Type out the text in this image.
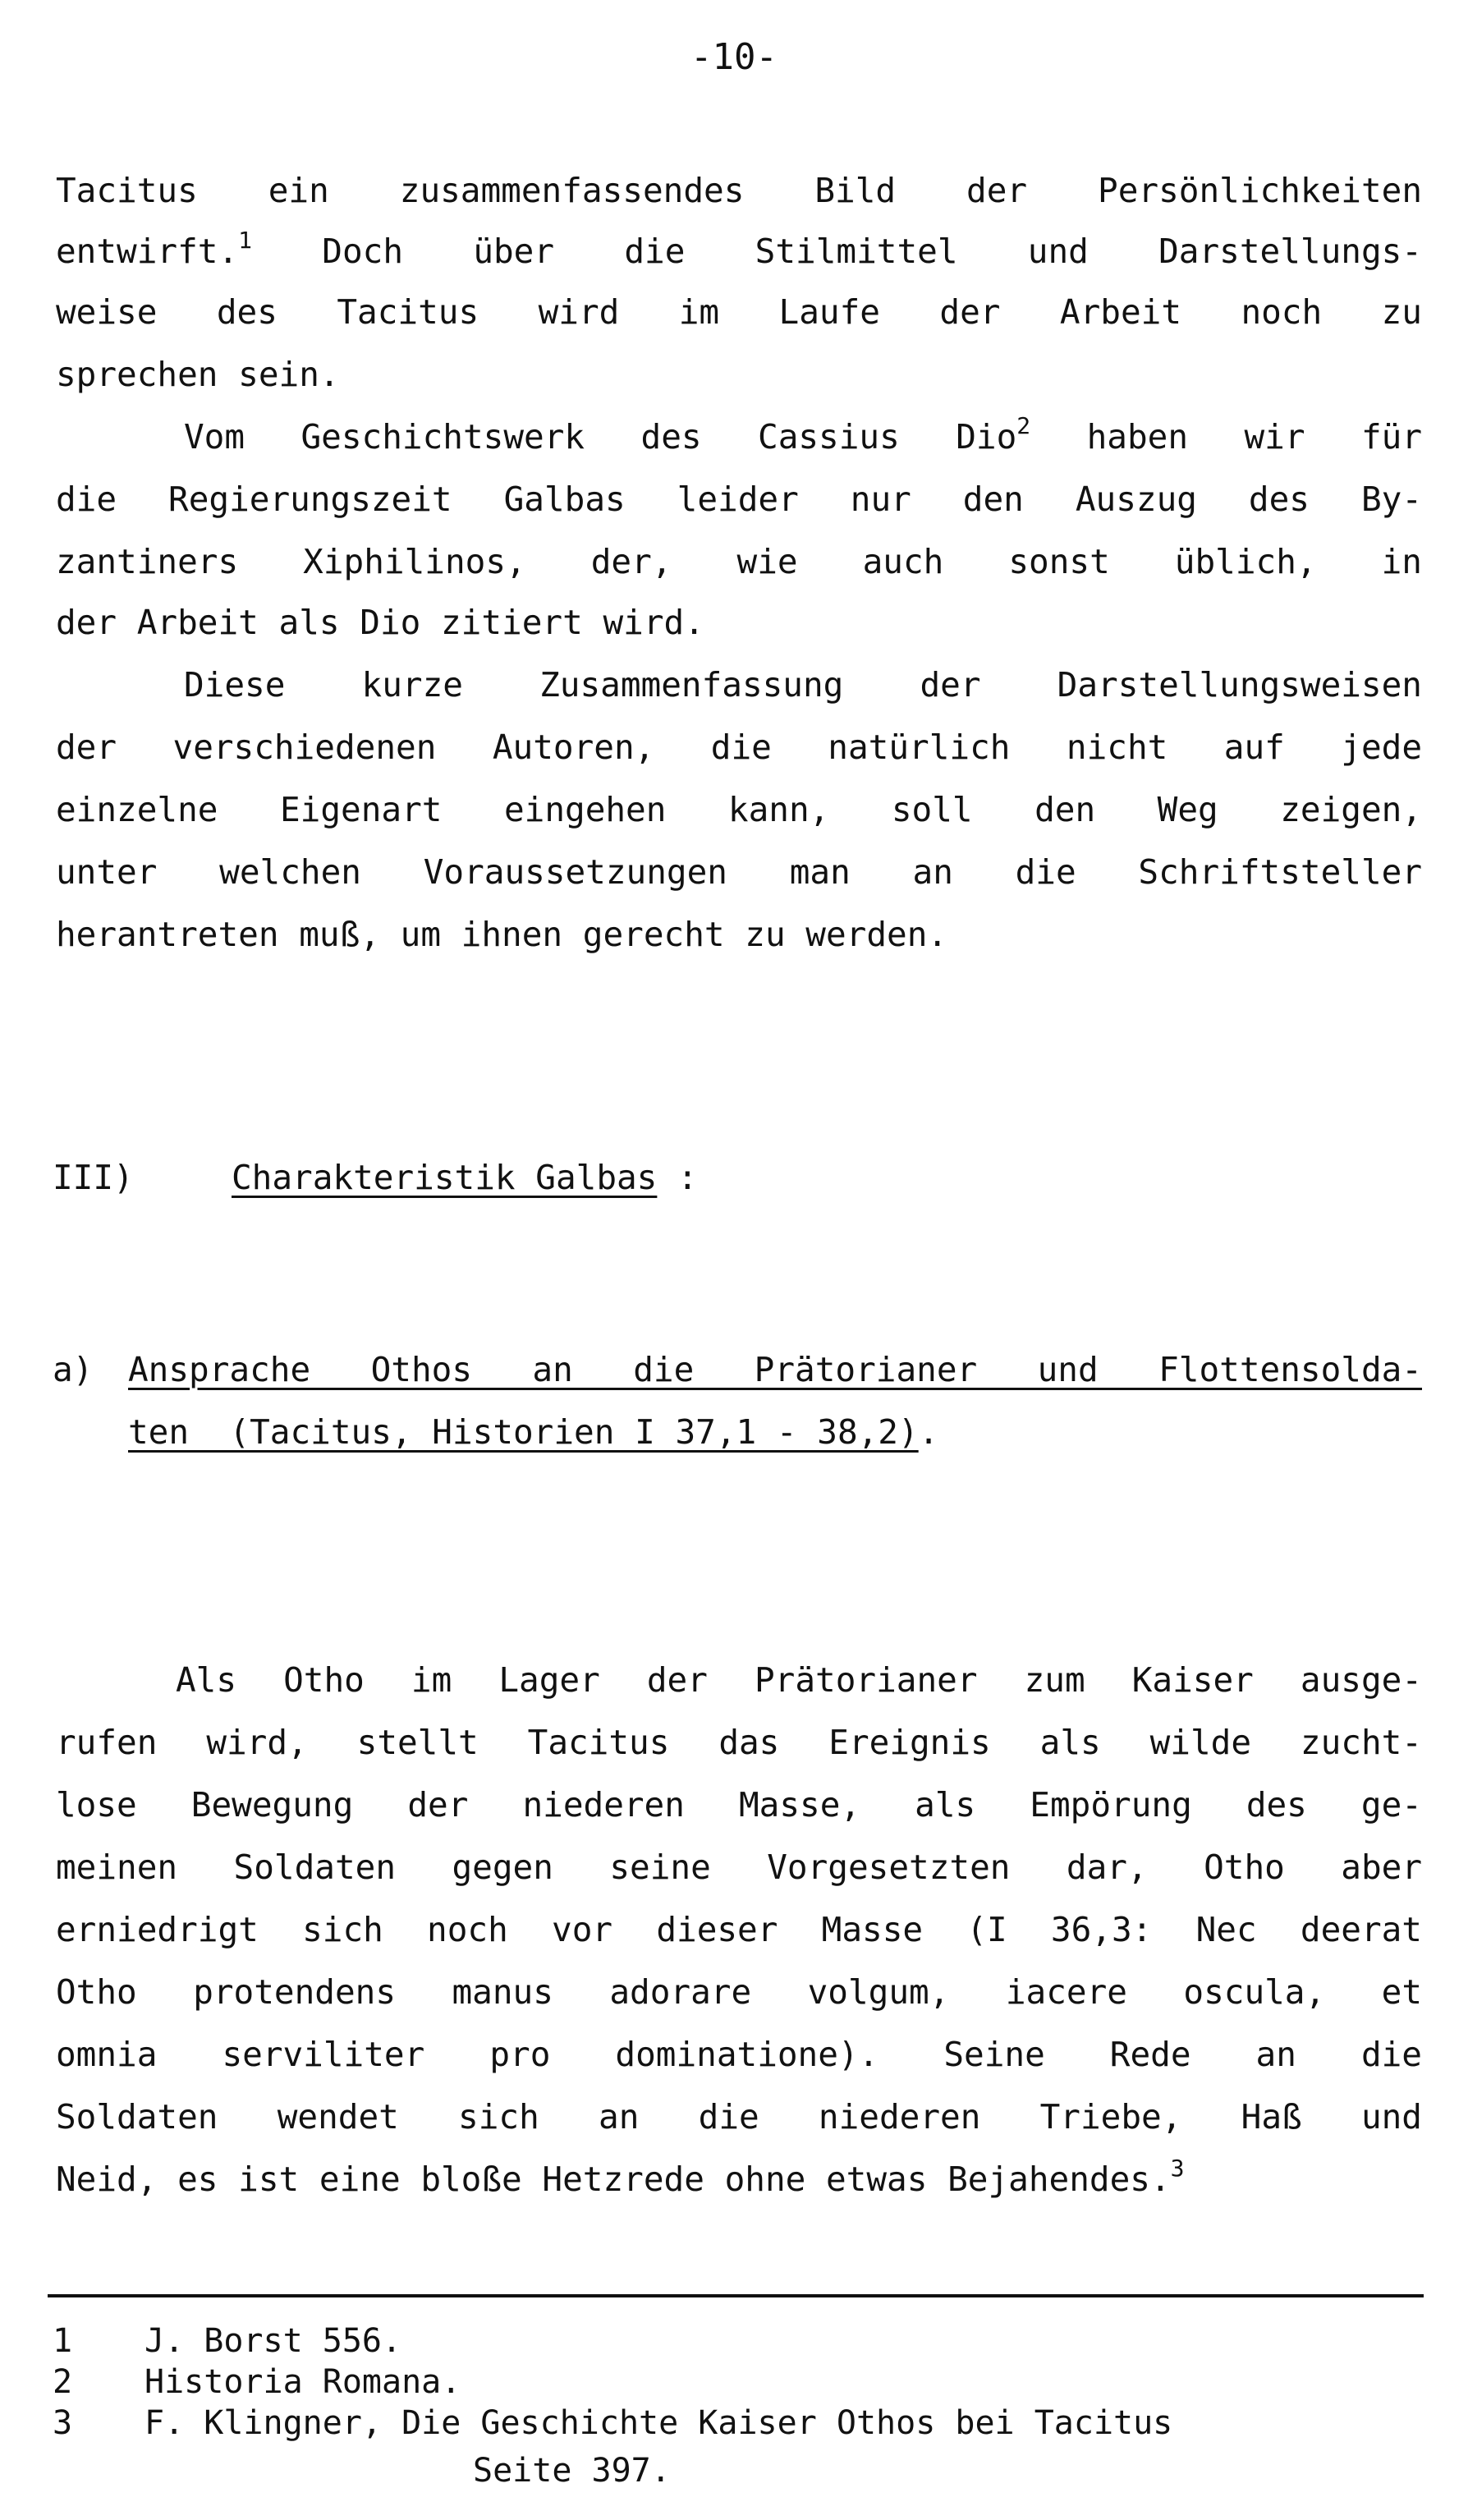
-10-
Tacitus ein zusammenfassendes Bild der Persönlichkeiten
entwirft.$^1$ Doch über die Stilmittel und Darstellungs-
weise des Tacitus wird im Laufe der Arbeit noch zu
sprechen sein.
Vom Geschichtswerk des Cassius Dio$^2$ haben wir für
die Regierungszeit Galbas leider nur den Auszug des By-
zantiners Xiphilinos, der, wie auch sonst üblich, in
der Arbeit als Dio zitiert wird.
Diese kurze Zusammenfassung der Darstellungsweisen
der verschiedenen Autoren, die natürlich nicht auf jede
einzelne Eigenart eingehen kann, soll den Weg zeigen,
unter welchen Voraussetzungen man an die Schriftsteller
herantreten muß, um ihnen gerecht zu werden.
III)	Charakteristik Galbas :
a) Ansprache Othos an die Prätorianer und Flottensolda-
ten  (Tacitus, Historien I 37,1 - 38,2).
Als Otho im Lager der Prätorianer zum Kaiser ausge-
rufen wird, stellt Tacitus das Ereignis als wilde zucht-
lose Bewegung der niederen Masse, als Empörung des ge-
meinen Soldaten gegen seine Vorgesetzten dar, Otho aber
erniedrigt sich noch vor dieser Masse (I 36,3: Nec deerat
Otho protendens manus adorare volgum, iacere oscula, et
omnia serviliter pro dominatione). Seine Rede an die
Soldaten wendet sich an die niederen Triebe, Haß und
Neid, es ist eine bloße Hetzrede ohne etwas Bejahendes.$^3$
1 J. Borst 556.
2 Historia Romana.
3 F. Klingner, Die Geschichte Kaiser Othos bei Tacitus
Seite 397.
